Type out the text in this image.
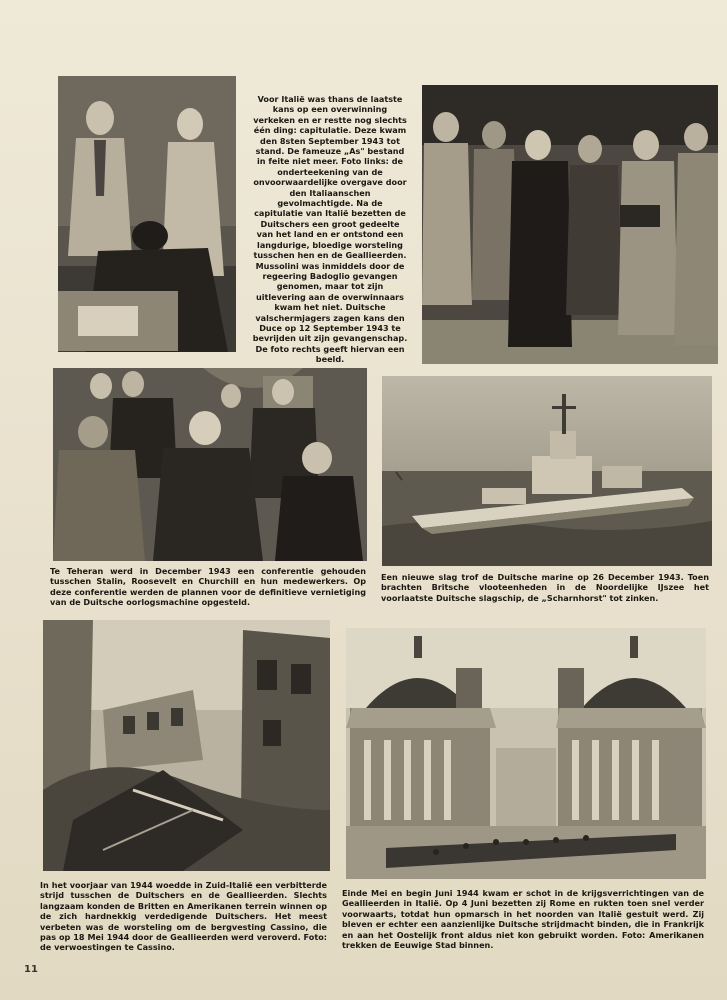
Voor Italië was thans de laatste kans op een overwinning verkeken en er restte nog slechts één ding: capitulatie. Deze kwam den 8sten September 1943 tot stand. De fameuze „As" bestand in feite niet meer. Foto links: de onderteekening van de onvoorwaardelijke overgave door den Italiaanschen gevolmachtigde. Na de capitulatie van Italië bezetten de Duitschers een groot gedeelte van het land en er ontstond een langdurige, bloedige worsteling tusschen hen en de Geallieerden. Mussolini was inmiddels door de regeering Badoglio gevangen genomen, maar tot zijn uitlevering aan de overwinnaars kwam het niet. Duitsche valschermjagers zagen kans den Duce op 12 September 1943 te bevrijden uit zijn gevangenschap. De foto rechts geeft hiervan een beeld.
Te Teheran werd in December 1943 een conferentie gehouden tusschen Stalin, Roosevelt en Churchill en hun medewerkers. Op deze conferentie werden de plannen voor de definitieve vernietiging van de Duitsche oorlogsmachine opgesteld.
Een nieuwe slag trof de Duitsche marine op 26 December 1943. Toen brachten Britsche vlooteenheden in de Noordelijke IJszee het voorlaatste Duitsche slagschip, de „Scharnhorst" tot zinken.
In het voorjaar van 1944 woedde in Zuid-Italië een verbitterde strijd tusschen de Duitschers en de Geallieerden. Slechts langzaam konden de Britten en Amerikanen terrein winnen op de zich hardnekkig verdedigende Duitschers. Het meest verbeten was de worsteling om de bergvesting Cassino, die pas op 18 Mei 1944 door de Geallieerden werd veroverd. Foto: de verwoestingen te Cassino.
Einde Mei en begin Juni 1944 kwam er schot in de krijgsverrichtingen van de Geallieerden in Italië. Op 4 Juni bezetten zij Rome en rukten toen snel verder voorwaarts, totdat hun opmarsch in het noorden van Italië gestuit werd. Zij bleven er echter een aanzienlijke Duitsche strijdmacht binden, die in Frankrijk en aan het Oostelijk front aldus niet kon gebruikt worden. Foto: Amerikanen trekken de Eeuwige Stad binnen.
11
